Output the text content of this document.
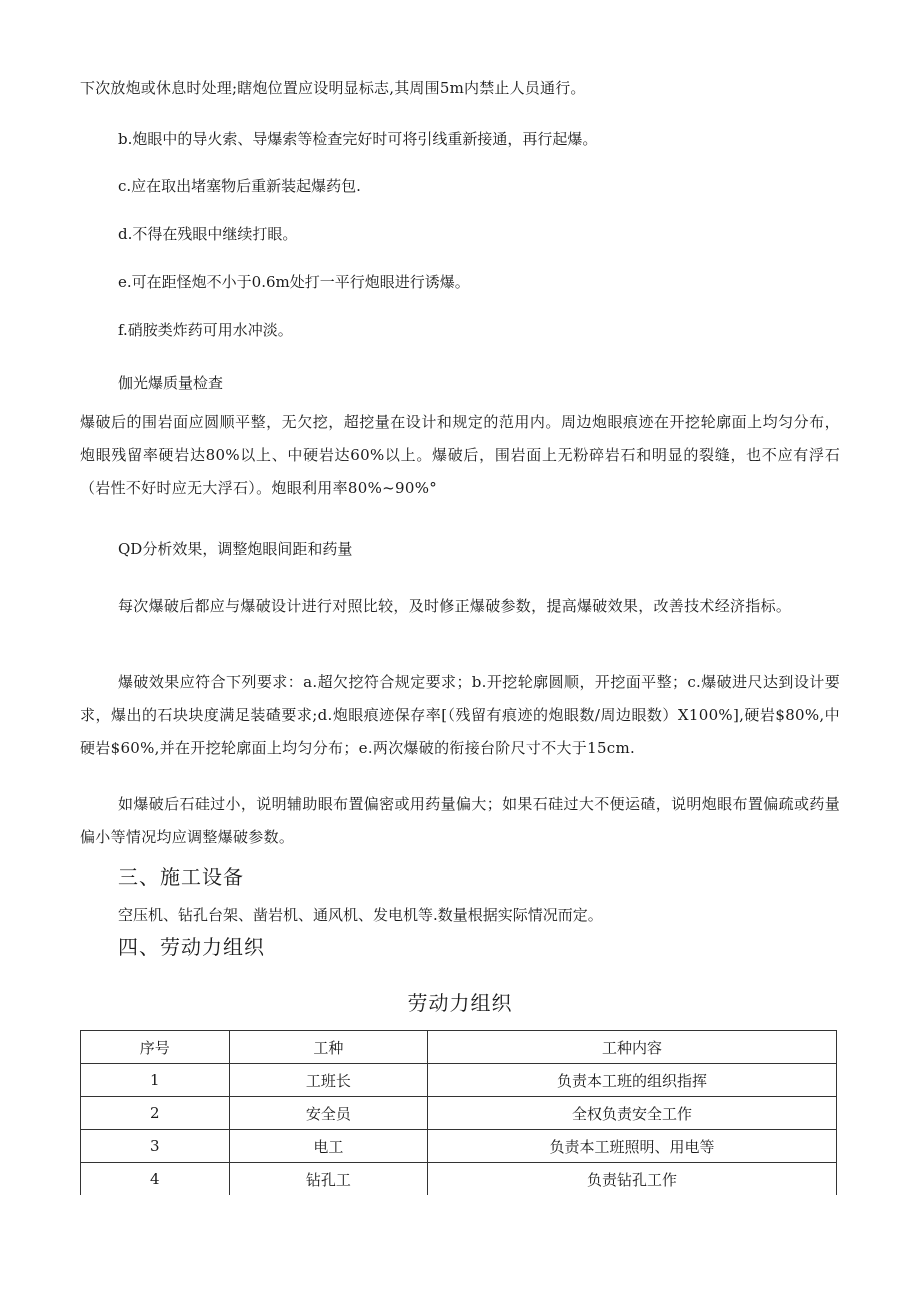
下次放炮或休息时处理;瞎炮位置应设明显标志,其周围5m内禁止人员通行。
b.炮眼中的导火索、导爆索等检查完好时可将引线重新接通，再行起爆。
c.应在取出堵塞物后重新装起爆药包.
d.不得在残眼中继续打眼。
e.可在距怪炮不小于0.6m处打一平行炮眼进行诱爆。
f.硝胺类炸药可用水冲淡。
伽光爆质量检查
爆破后的围岩面应圆顺平整，无欠挖，超挖量在设计和规定的范用内。周边炮眼痕迹在开挖轮廓面上均匀分布，炮眼残留率硬岩达80%以上、中硬岩达60%以上。爆破后，围岩面上无粉碎岩石和明显的裂缝，也不应有浮石（岩性不好时应无大浮石）。炮眼利用率80%~90%°
QD分析效果，调整炮眼间距和药量
每次爆破后都应与爆破设计进行对照比较，及时修正爆破参数，提高爆破效果，改善技术经济指标。
爆破效果应符合下列要求：a.超欠挖符合规定要求；b.开挖轮廓圆顺，开挖面平整；c.爆破进尺达到设计要求，爆出的石块块度满足装碴要求;d.炮眼痕迹保存率[（残留有痕迹的炮眼数/周边眼数）X100%],硬岩$80%,中硬岩$60%,并在开挖轮廓面上均匀分布；e.两次爆破的衔接台阶尺寸不大于15cm.
如爆破后石硅过小，说明辅助眼布置偏密或用药量偏大；如果石硅过大不便运碴，说明炮眼布置偏疏或药量偏小等情况均应调整爆破参数。
三、施工设备
空压机、钻孔台架、凿岩机、通风机、发电机等.数量根据实际情况而定。
四、劳动力组织
劳动力组织
序号	工种	工种内容
1	工班长	负责本工班的组织指挥
2	安全员	全权负责安全工作
3	电工	负责本工班照明、用电等
4	钻孔工	负责钻孔工作
